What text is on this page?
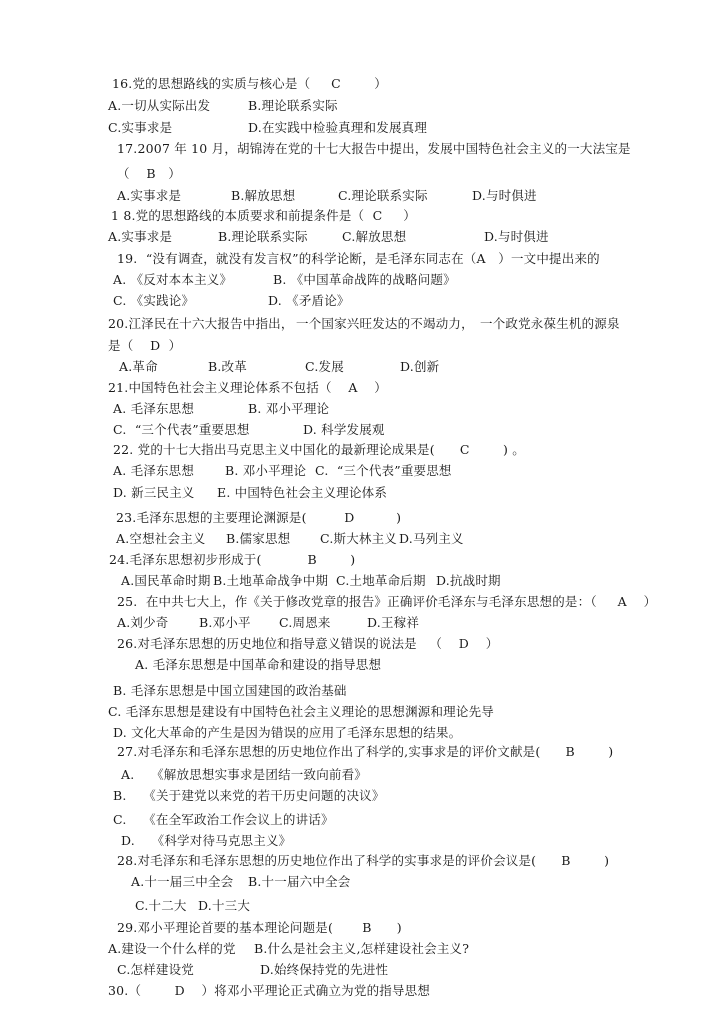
16.党的思想路线的实质与核心是（     C        ）

A.一切从实际出发

	B.理论联系实际

C.实事求是

	D.在实践中检验真理和发展真理

17.2007 年 10 月，胡锦涛在党的十七大报告中提出，发展中国特色社会主义的一大法宝是
（    B   ）

A.实事求是

	B.解放思想

	C.理论联系实际

	D.与时俱进

1 8.党的思想路线的本质要求和前提条件是（  C     ）

A.实事求是

	B.理论联系实际

	C.解放思想

	D.与时俱进

19.  “没有调查，就没有发言权”的科学论断，是毛泽东同志在（A   ）一文中提出来的

A. 《反对本本主义》

	B. 《中国革命战阵的战略问题》

C. 《实践论》

	D. 《矛盾论》

20.江泽民在十六大报告中指出，

一个国家兴旺发达的不竭动力，

一个政党永葆生机的源泉

是（    D  ）

A.革命

	B.改革

	C.发展

	D.创新

21.中国特色社会主义理论体系不包括（    A    ）

A. 毛泽东思想

	B. 邓小平理论

C.  “三个代表”重要思想

	D. 科学发展观

22. 党的十七大指出马克思主义中国化的最新理论成果是(      C        ) 。

A. 毛泽东思想

B. 邓小平理论

C.  “三个代表”重要思想

D. 新三民主义

E. 中国特色社会主义理论体系

23.毛泽东思想的主要理论渊源是(         D          )

A.空想社会主义

B.儒家思想

C.斯大林主义

D.马列主义

24.毛泽东思想初步形成于(           B        )

A.国民革命时期

B.土地革命战争中期

C.土地革命后期

D.抗战时期

25.  在中共七大上，作《关于修改党章的报告》正确评价毛泽东与毛泽东思想的是：（     A    ）

A.刘少奇

B.邓小平

C.周恩来

	D.王稼祥

26.对毛泽东思想的历史地位和指导意义错误的说法是   （    D    ）
A. 毛泽东思想是中国革命和建设的指导思想
B. 毛泽东思想是中国立国建国的政治基础
C. 毛泽东思想是建设有中国特色社会主义理论的思想渊源和理论先导
D. 文化大革命的产生是因为错误的应用了毛泽东思想的结果。
27.对毛泽东和毛泽东思想的历史地位作出了科学的,实事求是的评价文献是(      B        )
A.    《解放思想实事求是团结一致向前看》
B.    《关于建党以来党的若干历史问题的决议》
C.    《在全军政治工作会议上的讲话》
D.    《科学对待马克思主义》
28.对毛泽东和毛泽东思想的历史地位作出了科学的实事求是的评价会议是(      B        )

A.十一届三中全会

B.十一届六中全会

C.十二大

D.十三大

29.邓小平理论首要的基本理论问题是(       B      )

A.建设一个什么样的党

B.什么是社会主义,怎样建设社会主义?

C.怎样建设党

	D.始终保持党的先进性

30.（        D    ）将邓小平理论正式确立为党的指导思想
